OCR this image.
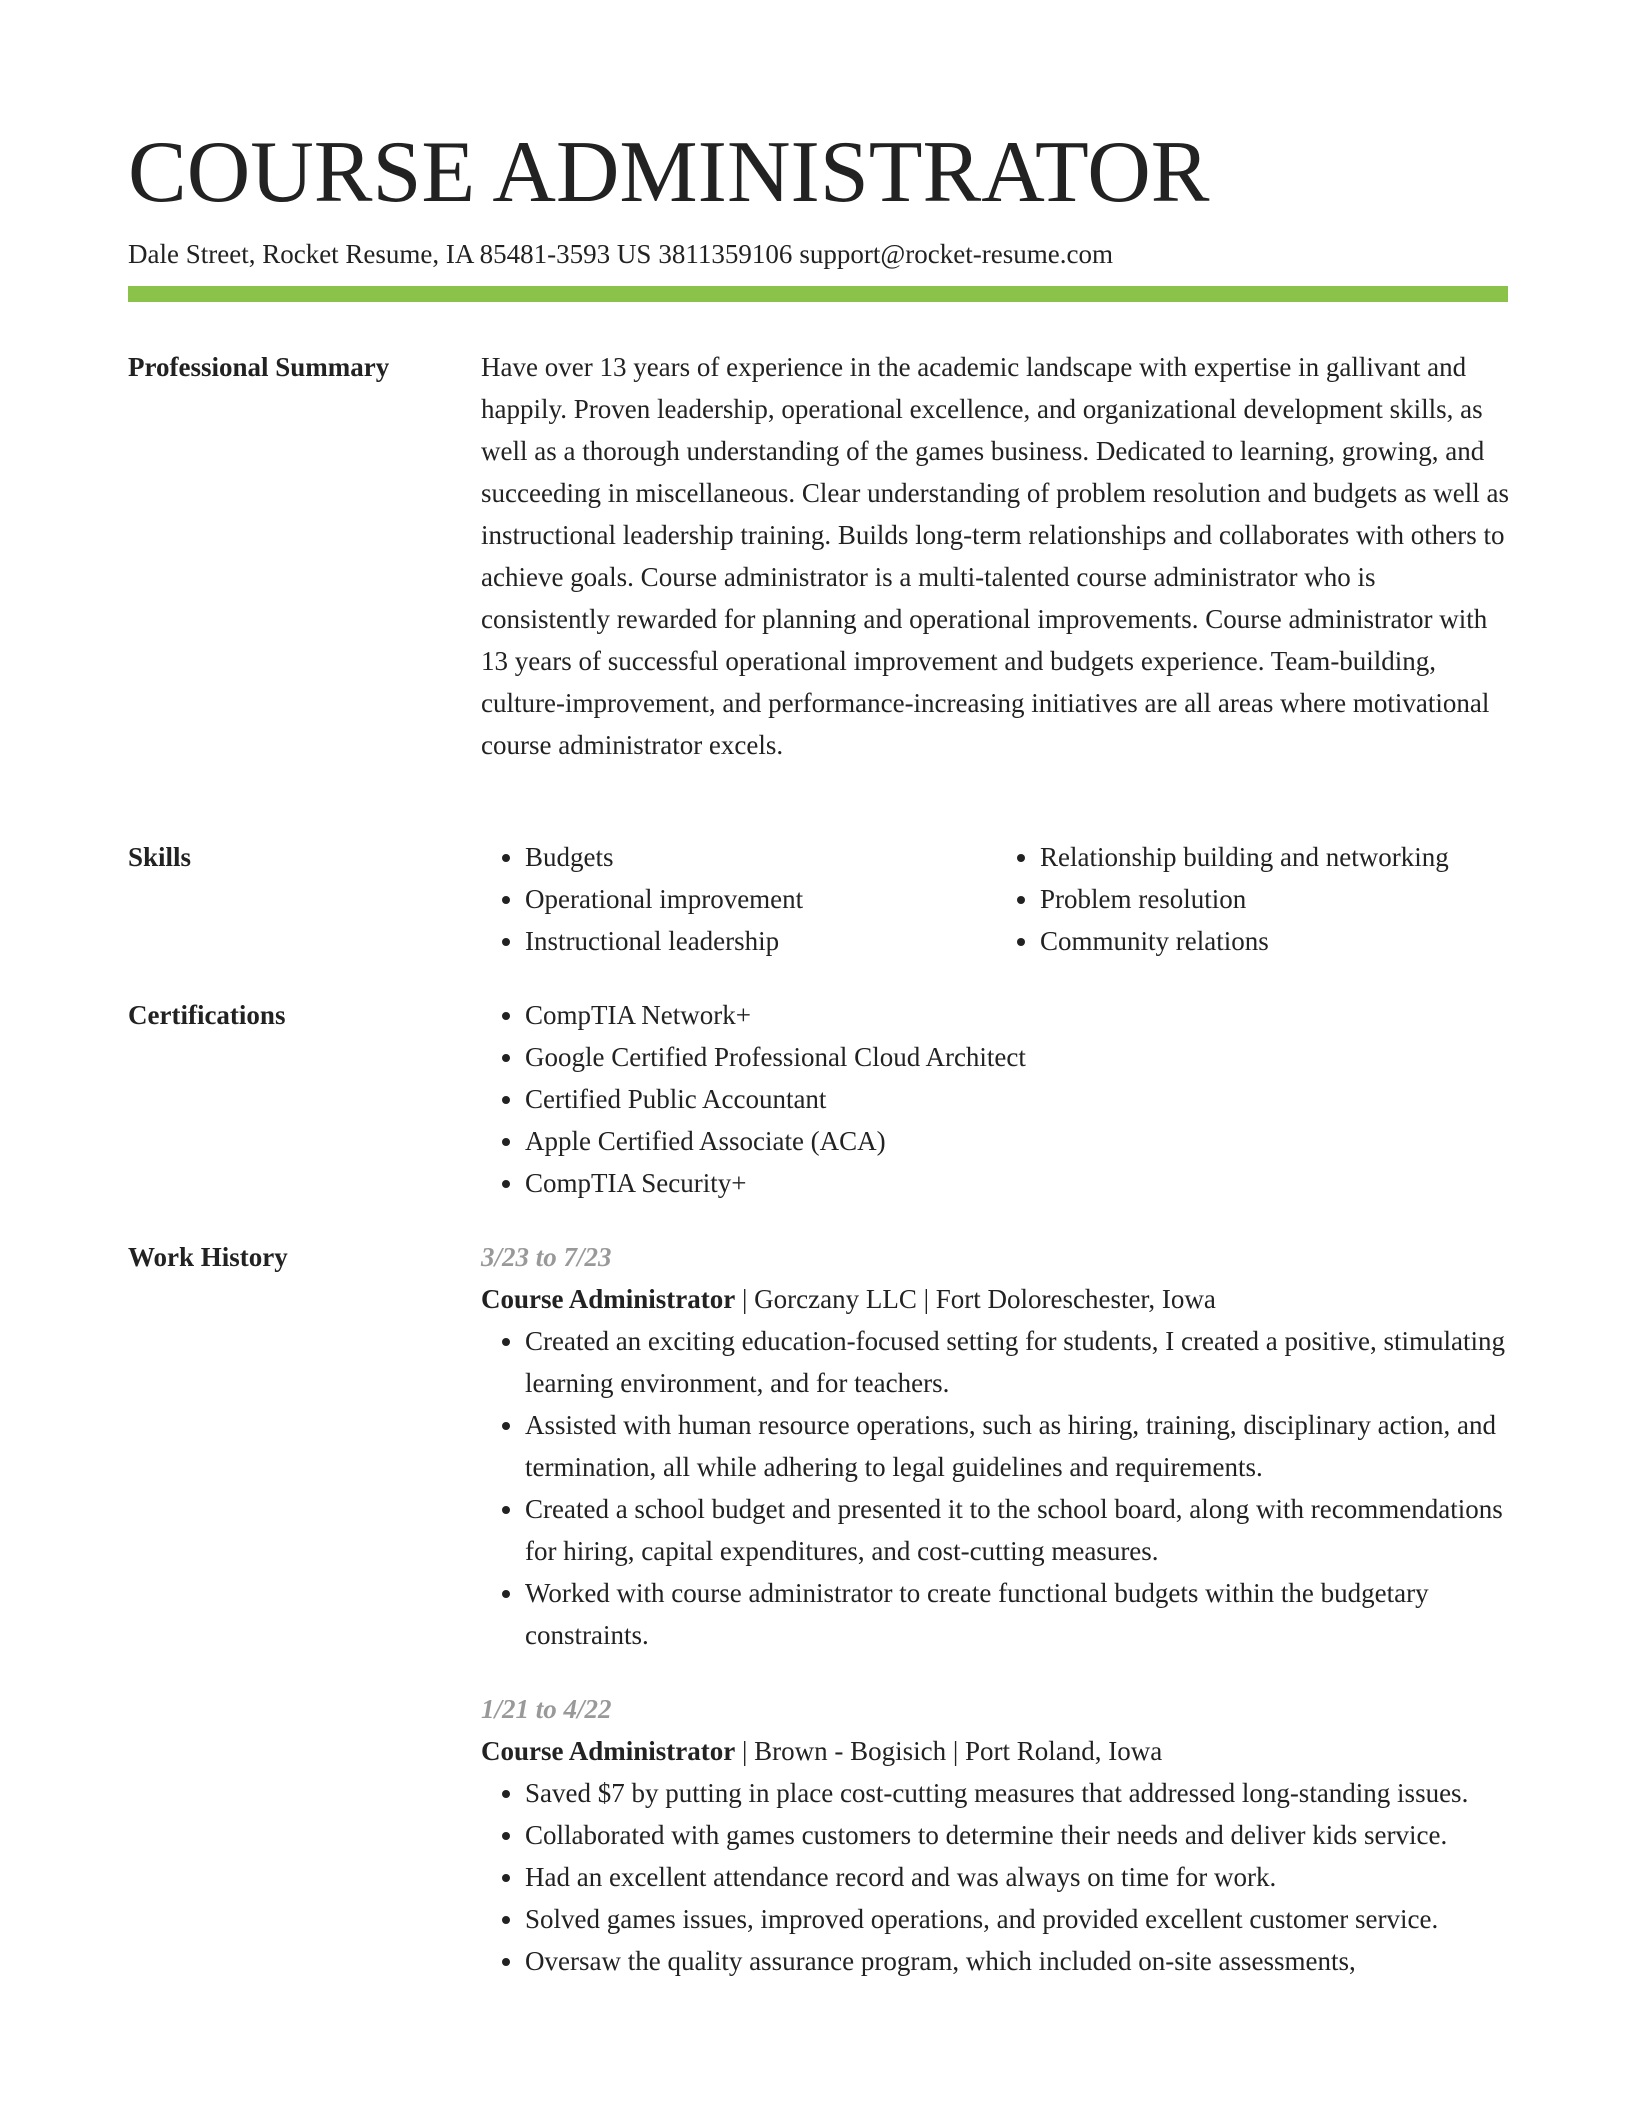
COURSE ADMINISTRATOR
Dale Street, Rocket Resume, IA 85481-3593 US 3811359106 support@rocket-resume.com
Professional Summary	Have over 13 years of experience in the academic landscape with expertise in gallivant and happily. Proven leadership, operational excellence, and organizational development skills, as well as a thorough understanding of the games business. Dedicated to learning, growing, and succeeding in miscellaneous. Clear understanding of problem resolution and budgets as well as instructional leadership training. Builds long-term relationships and collaborates with others to achieve goals. Course administrator is a multi-talented course administrator who is consistently rewarded for planning and operational improvements. Course administrator with 13 years of successful operational improvement and budgets experience. Team-building, culture-improvement, and performance-increasing initiatives are all areas where motivational course administrator excels.

Skills	• Budgets
• Operational improvement
• Instructional leadership
• Relationship building and networking
• Problem resolution
• Community relations
Certifications	• CompTIA Network+
• Google Certified Professional Cloud Architect
• Certified Public Accountant
• Apple Certified Associate (ACA)
• CompTIA Security+
Work History	3/23 to 7/23
Course Administrator | Gorczany LLC | Fort Doloreschester, Iowa
• Created an exciting education-focused setting for students, I created a positive, stimulating learning environment, and for teachers.
• Assisted with human resource operations, such as hiring, training, disciplinary action, and termination, all while adhering to legal guidelines and requirements.
• Created a school budget and presented it to the school board, along with recommendations for hiring, capital expenditures, and cost-cutting measures.
• Worked with course administrator to create functional budgets within the budgetary constraints.
1/21 to 4/22
Course Administrator | Brown - Bogisich | Port Roland, Iowa
• Saved $7 by putting in place cost-cutting measures that addressed long-standing issues.
• Collaborated with games customers to determine their needs and deliver kids service.
• Had an excellent attendance record and was always on time for work.
• Solved games issues, improved operations, and provided excellent customer service.
• Oversaw the quality assurance program, which included on-site assessments,
